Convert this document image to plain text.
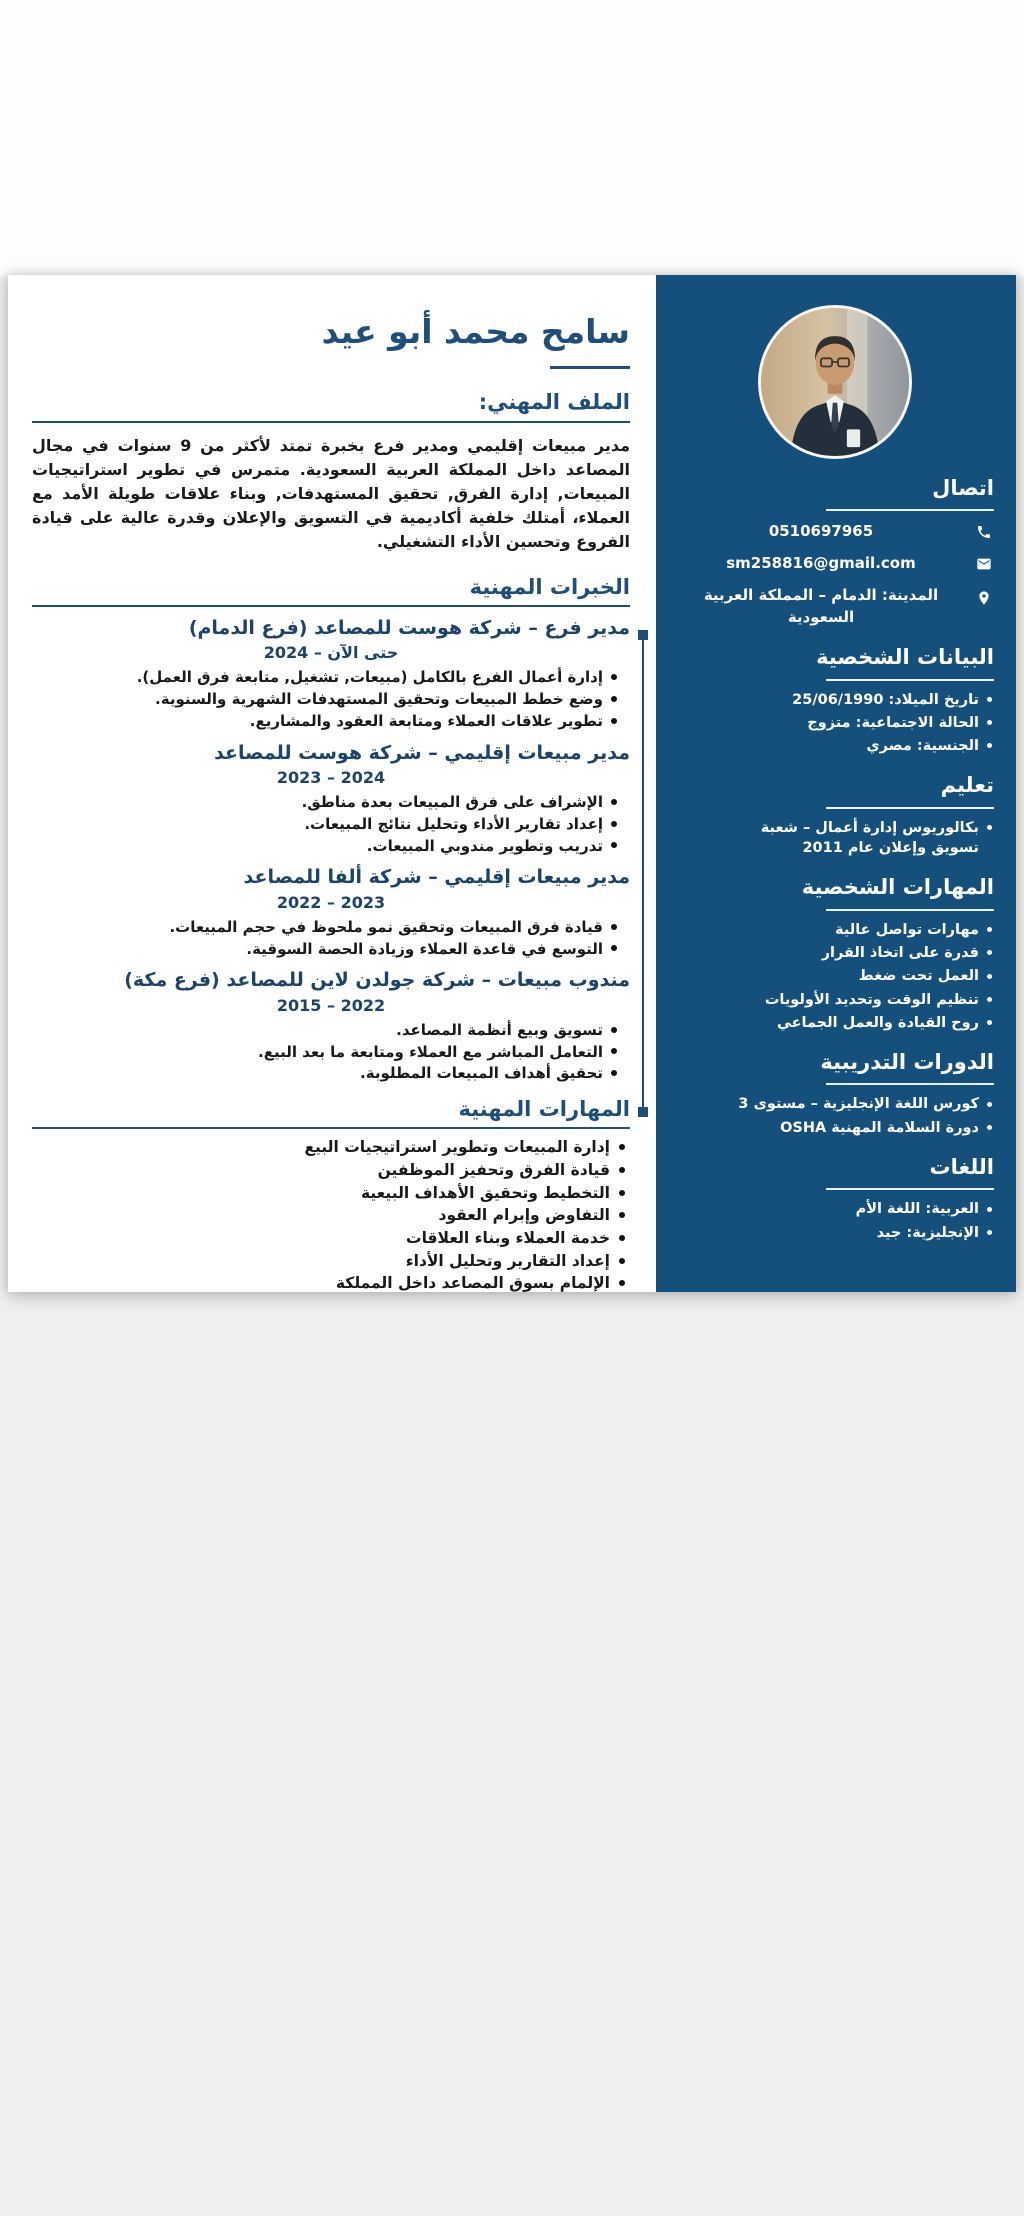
اتصال
0510697965
sm258816@gmail.com
المدينة: الدمام – المملكة العربية السعودية
البيانات الشخصية
تاريخ الميلاد: 25/06/1990
الحالة الاجتماعية: متزوج
الجنسية: مصري
تعليم
بكالوريوس إدارة أعمال – شعبة تسويق وإعلان عام 2011
المهارات الشخصية
مهارات تواصل عالية
قدرة على اتخاذ القرار
العمل تحت ضغط
تنظيم الوقت وتحديد الأولويات
روح القيادة والعمل الجماعي
الدورات التدريبية
كورس اللغة الإنجليزية – مستوى 3
دورة السلامة المهنية OSHA
اللغات
العربية: اللغة الأم
الإنجليزية: جيد
سامح محمد أبو عيد
الملف المهني:

مدير مبيعات إقليمي ومدير فرع بخبرة تمتد لأكثر من 9 سنوات في مجال المصاعد داخل المملكة العربية السعودية. متمرس في تطوير استراتيجيات المبيعات, إدارة الفرق, تحقيق المستهدفات, وبناء علاقات طويلة الأمد مع العملاء، أمتلك خلفية أكاديمية في التسويق والإعلان وقدرة عالية على قيادة الفروع وتحسين الأداء التشغيلي.

الخبرات المهنية
مدير فرع – شركة هوست للمصاعد (فرع الدمام)
2024 – حتى الآن
إدارة أعمال الفرع بالكامل (مبيعات, تشغيل, متابعة فرق العمل).
وضع خطط المبيعات وتحقيق المستهدفات الشهرية والسنوية.
تطوير علاقات العملاء ومتابعة العقود والمشاريع.
مدير مبيعات إقليمي – شركة هوست للمصاعد
2023 – 2024
الإشراف على فرق المبيعات بعدة مناطق.
إعداد تقارير الأداء وتحليل نتائج المبيعات.
تدريب وتطوير مندوبي المبيعات.
مدير مبيعات إقليمي – شركة ألفا للمصاعد
2022 – 2023
قيادة فرق المبيعات وتحقيق نمو ملحوظ في حجم المبيعات.
التوسع في قاعدة العملاء وزيادة الحصة السوقية.
مندوب مبيعات – شركة جولدن لاين للمصاعد (فرع مكة)
2015 – 2022
تسويق وبيع أنظمة المصاعد.
التعامل المباشر مع العملاء ومتابعة ما بعد البيع.
تحقيق أهداف المبيعات المطلوبة.
المهارات المهنية
إدارة المبيعات وتطوير استراتيجيات البيع
قيادة الفرق وتحفيز الموظفين
التخطيط وتحقيق الأهداف البيعية
التفاوض وإبرام العقود
خدمة العملاء وبناء العلاقات
إعداد التقارير وتحليل الأداء
الإلمام بسوق المصاعد داخل المملكة
